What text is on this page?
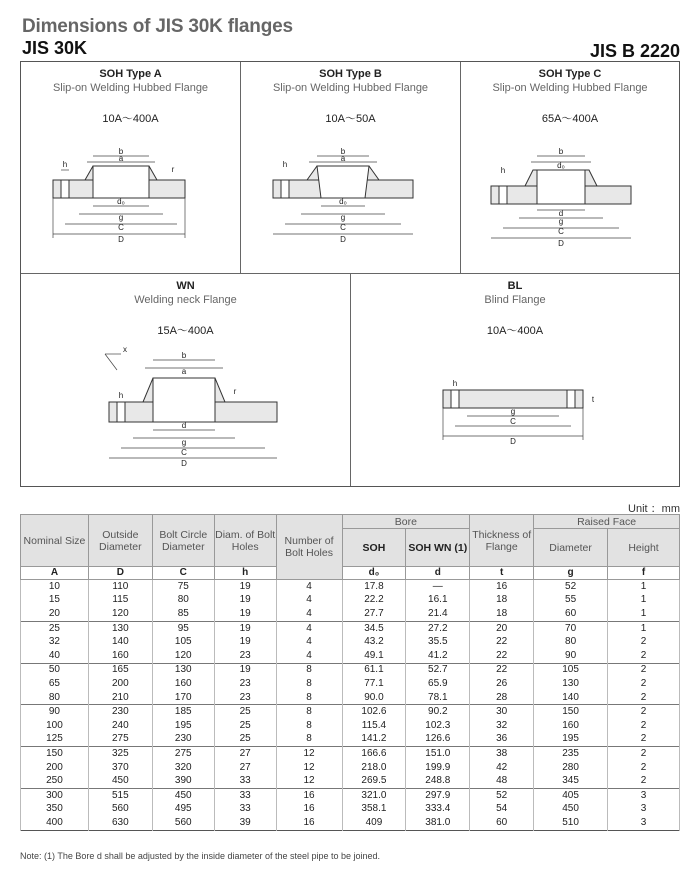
Dimensions of JIS 30K flanges
JIS 30K	JIS B 2220
SOH Type A
Slip-on Welding Hubbed Flange
10A～400A
b
a
d₀
g
C
D
h
r
SOH Type B
Slip-on Welding Hubbed Flange
10A～50A
b
a
d₀
g
C
D
h
SOH Type C
Slip-on Welding Hubbed Flange
65A～400A
b
d₀
d
g
C
D
h
WN
Welding neck Flange
15A～400A
b
a
d
g
C
D
h
x
r
BL
Blind Flange
10A～400A
g
C
D
h
t
Unit ：mm
Nominal Size	Outside Diameter	Bolt Circle Diameter	Diam. of Bolt Holes	Number of Bolt Holes	Bore		Thickness of Flange	Raised Face	
					SOH	SOH WN (1)		Diameter	Height
A	D	C	h		d₀	d	t	g	f
10	110	75	19	4	17.8	—	16	52	1
15	115	80	19	4	22.2	16.1	18	55	1
20	120	85	19	4	27.7	21.4	18	60	1
25	130	95	19	4	34.5	27.2	20	70	1
32	140	105	19	4	43.2	35.5	22	80	2
40	160	120	23	4	49.1	41.2	22	90	2
50	165	130	19	8	61.1	52.7	22	105	2
65	200	160	23	8	77.1	65.9	26	130	2
80	210	170	23	8	90.0	78.1	28	140	2
90	230	185	25	8	102.6	90.2	30	150	2
100	240	195	25	8	115.4	102.3	32	160	2
125	275	230	25	8	141.2	126.6	36	195	2
150	325	275	27	12	166.6	151.0	38	235	2
200	370	320	27	12	218.0	199.9	42	280	2
250	450	390	33	12	269.5	248.8	48	345	2
300	515	450	33	16	321.0	297.9	52	405	3
350	560	495	33	16	358.1	333.4	54	450	3
400	630	560	39	16	409	381.0	60	510	3
Note: (1) The Bore d shall be adjusted by the inside diameter of the steel pipe to be joined.
